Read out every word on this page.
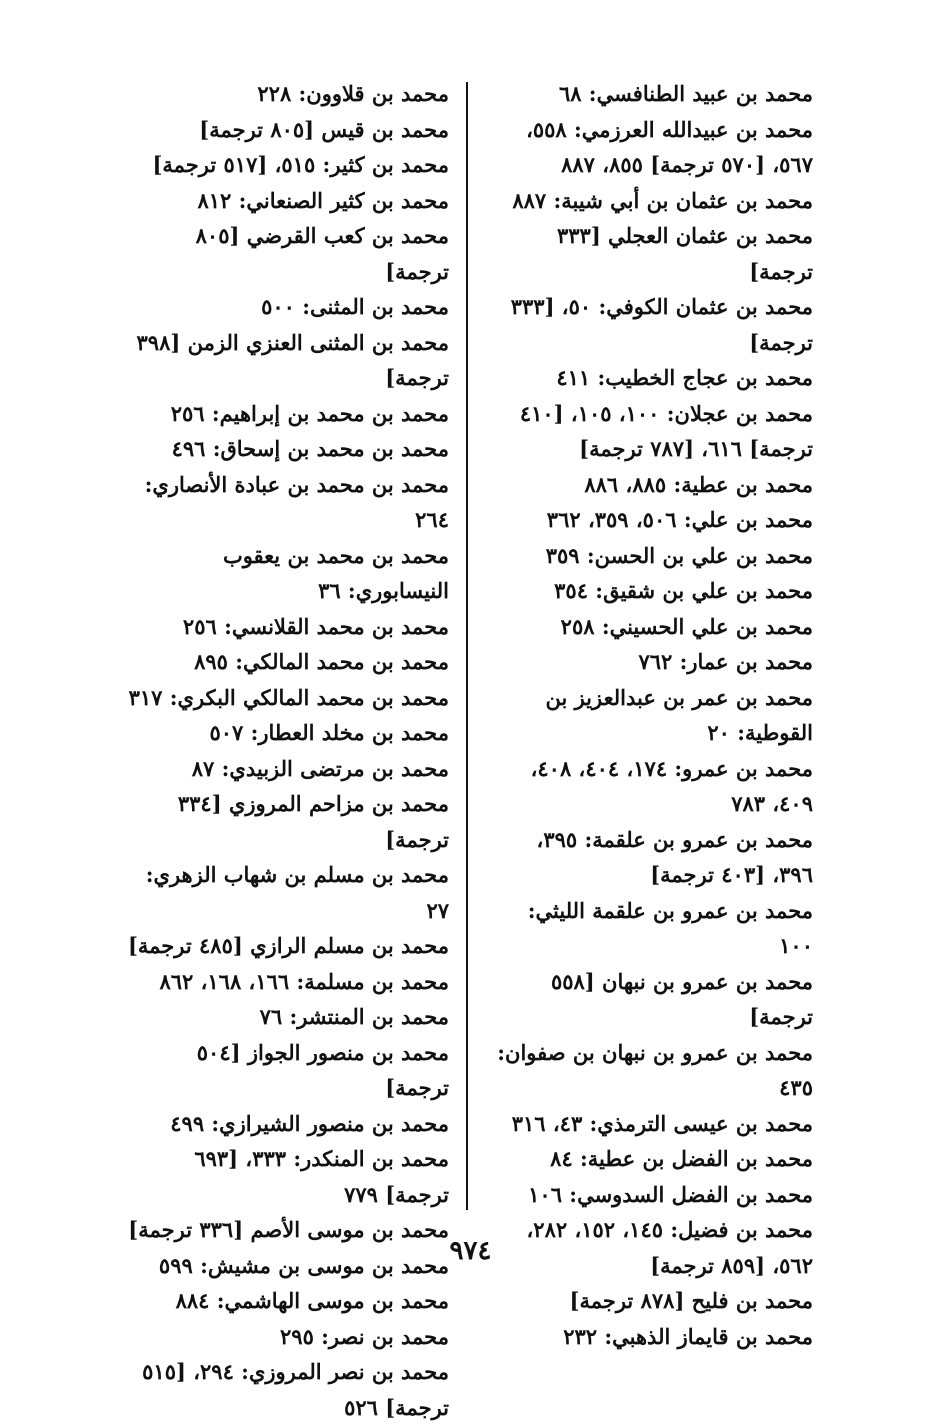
محمد بن عبيد الطنافسي: ٦٨

محمد بن عبيدالله العرزمي: ٥٥٨، ٥٦٧، [٥٧٠ ترجمة] ٨٥٥، ٨٨٧

محمد بن عثمان بن أبي شيبة: ٨٨٧

محمد بن عثمان العجلي [٣٣٣ ترجمة]

محمد بن عثمان الكوفي: ٥٠، [٣٣٣ ترجمة]

محمد بن عجاج الخطيب: ٤١١

محمد بن عجلان: ١٠٠، ١٠٥، [٤١٠ ترجمة] ٦١٦، [٧٨٧ ترجمة]

محمد بن عطية: ٨٨٥، ٨٨٦

محمد بن علي: ٥٠٦، ٣٥٩، ٣٦٢

محمد بن علي بن الحسن: ٣٥٩

محمد بن علي بن شقيق: ٣٥٤

محمد بن علي الحسيني: ٢٥٨

محمد بن عمار: ٧٦٢

محمد بن عمر بن عبدالعزيز بن القوطية: ٢٠

محمد بن عمرو: ١٧٤، ٤٠٤، ٤٠٨، ٤٠٩، ٧٨٣

محمد بن عمرو بن علقمة: ٣٩٥، ٣٩٦، [٤٠٣ ترجمة]

محمد بن عمرو بن علقمة الليثي: ١٠٠

محمد بن عمرو بن نبهان [٥٥٨ ترجمة]

محمد بن عمرو بن نبهان بن صفوان: ٤٣٥

محمد بن عيسى الترمذي: ٤٣، ٣١٦

محمد بن الفضل بن عطية: ٨٤

محمد بن الفضل السدوسي: ١٠٦

محمد بن فضيل: ١٤٥، ١٥٢، ٢٨٢، ٥٦٢، [٨٥٩ ترجمة]

محمد بن فليح [٨٧٨ ترجمة]

محمد بن قايماز الذهبي: ٢٣٢

محمد بن قلاوون: ٢٢٨

محمد بن قيس [٨٠٥ ترجمة]

محمد بن كثير: ٥١٥، [٥١٧ ترجمة]

محمد بن كثير الصنعاني: ٨١٢

محمد بن كعب القرضي [٨٠٥ ترجمة]

محمد بن المثنى: ٥٠٠

محمد بن المثنى العنزي الزمن [٣٩٨ ترجمة]

محمد بن محمد بن إبراهيم: ٢٥٦

محمد بن محمد بن إسحاق: ٤٩٦

محمد بن محمد بن عبادة الأنصاري: ٢٦٤

محمد بن محمد بن يعقوب النيسابوري: ٣٦

محمد بن محمد القلانسي: ٢٥٦

محمد بن محمد المالكي: ٨٩٥

محمد بن محمد المالكي البكري: ٣١٧

محمد بن مخلد العطار: ٥٠٧

محمد بن مرتضى الزبيدي: ٨٧

محمد بن مزاحم المروزي [٣٣٤ ترجمة]

محمد بن مسلم بن شهاب الزهري: ٢٧

محمد بن مسلم الرازي [٤٨٥ ترجمة]

محمد بن مسلمة: ١٦٦، ١٦٨، ٨٦٢

محمد بن المنتشر: ٧٦

محمد بن منصور الجواز [٥٠٤ ترجمة]

محمد بن منصور الشيرازي: ٤٩٩

محمد بن المنكدر: ٣٣٣، [٦٩٣ ترجمة] ٧٧٩

محمد بن موسى الأصم [٣٣٦ ترجمة]

محمد بن موسى بن مشيش: ٥٩٩

محمد بن موسى الهاشمي: ٨٨٤

محمد بن نصر: ٢٩٥

محمد بن نصر المروزي: ٢٩٤، [٥١٥ ترجمة] ٥٢٦

٩٧٤
